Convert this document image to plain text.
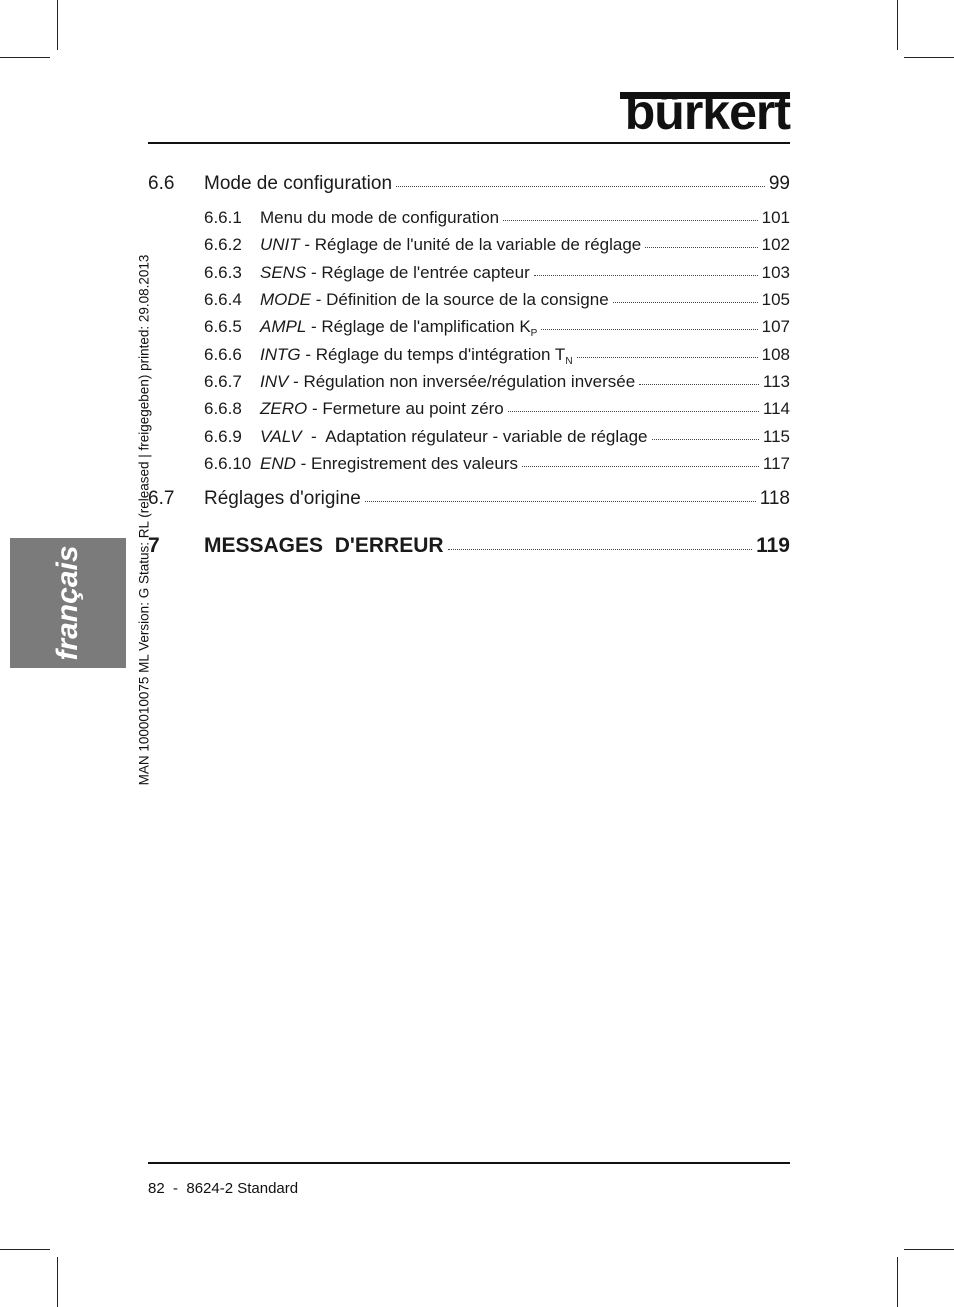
bürkert
français	MAN 1000010075 ML Version: G Status: RL (released | freigegeben) printed: 29.08.2013
6.6	Mode de configuration	99
6.6.1	Menu du mode de configuration	101
6.6.2	UNIT - Réglage de l'unité de la variable de réglage	102
6.6.3	SENS - Réglage de l'entrée capteur	103
6.6.4	MODE - Définition de la source de la consigne	105
6.6.5	AMPL - Réglage de l'amplification $K_P$	107
6.6.6	INTG - Réglage du temps d'intégration $T_N$	108
6.6.7	INV - Régulation non inversée/régulation inversée	113
6.6.8	ZERO - Fermeture au point zéro	114
6.6.9	VALV  -  Adaptation régulateur - variable de réglage	115
6.6.10 END - Enregistrement des valeurs	117
6.7	Réglages d'origine	118
7	MESSAGES  D'ERREUR	119
82  -  8624-2 Standard
